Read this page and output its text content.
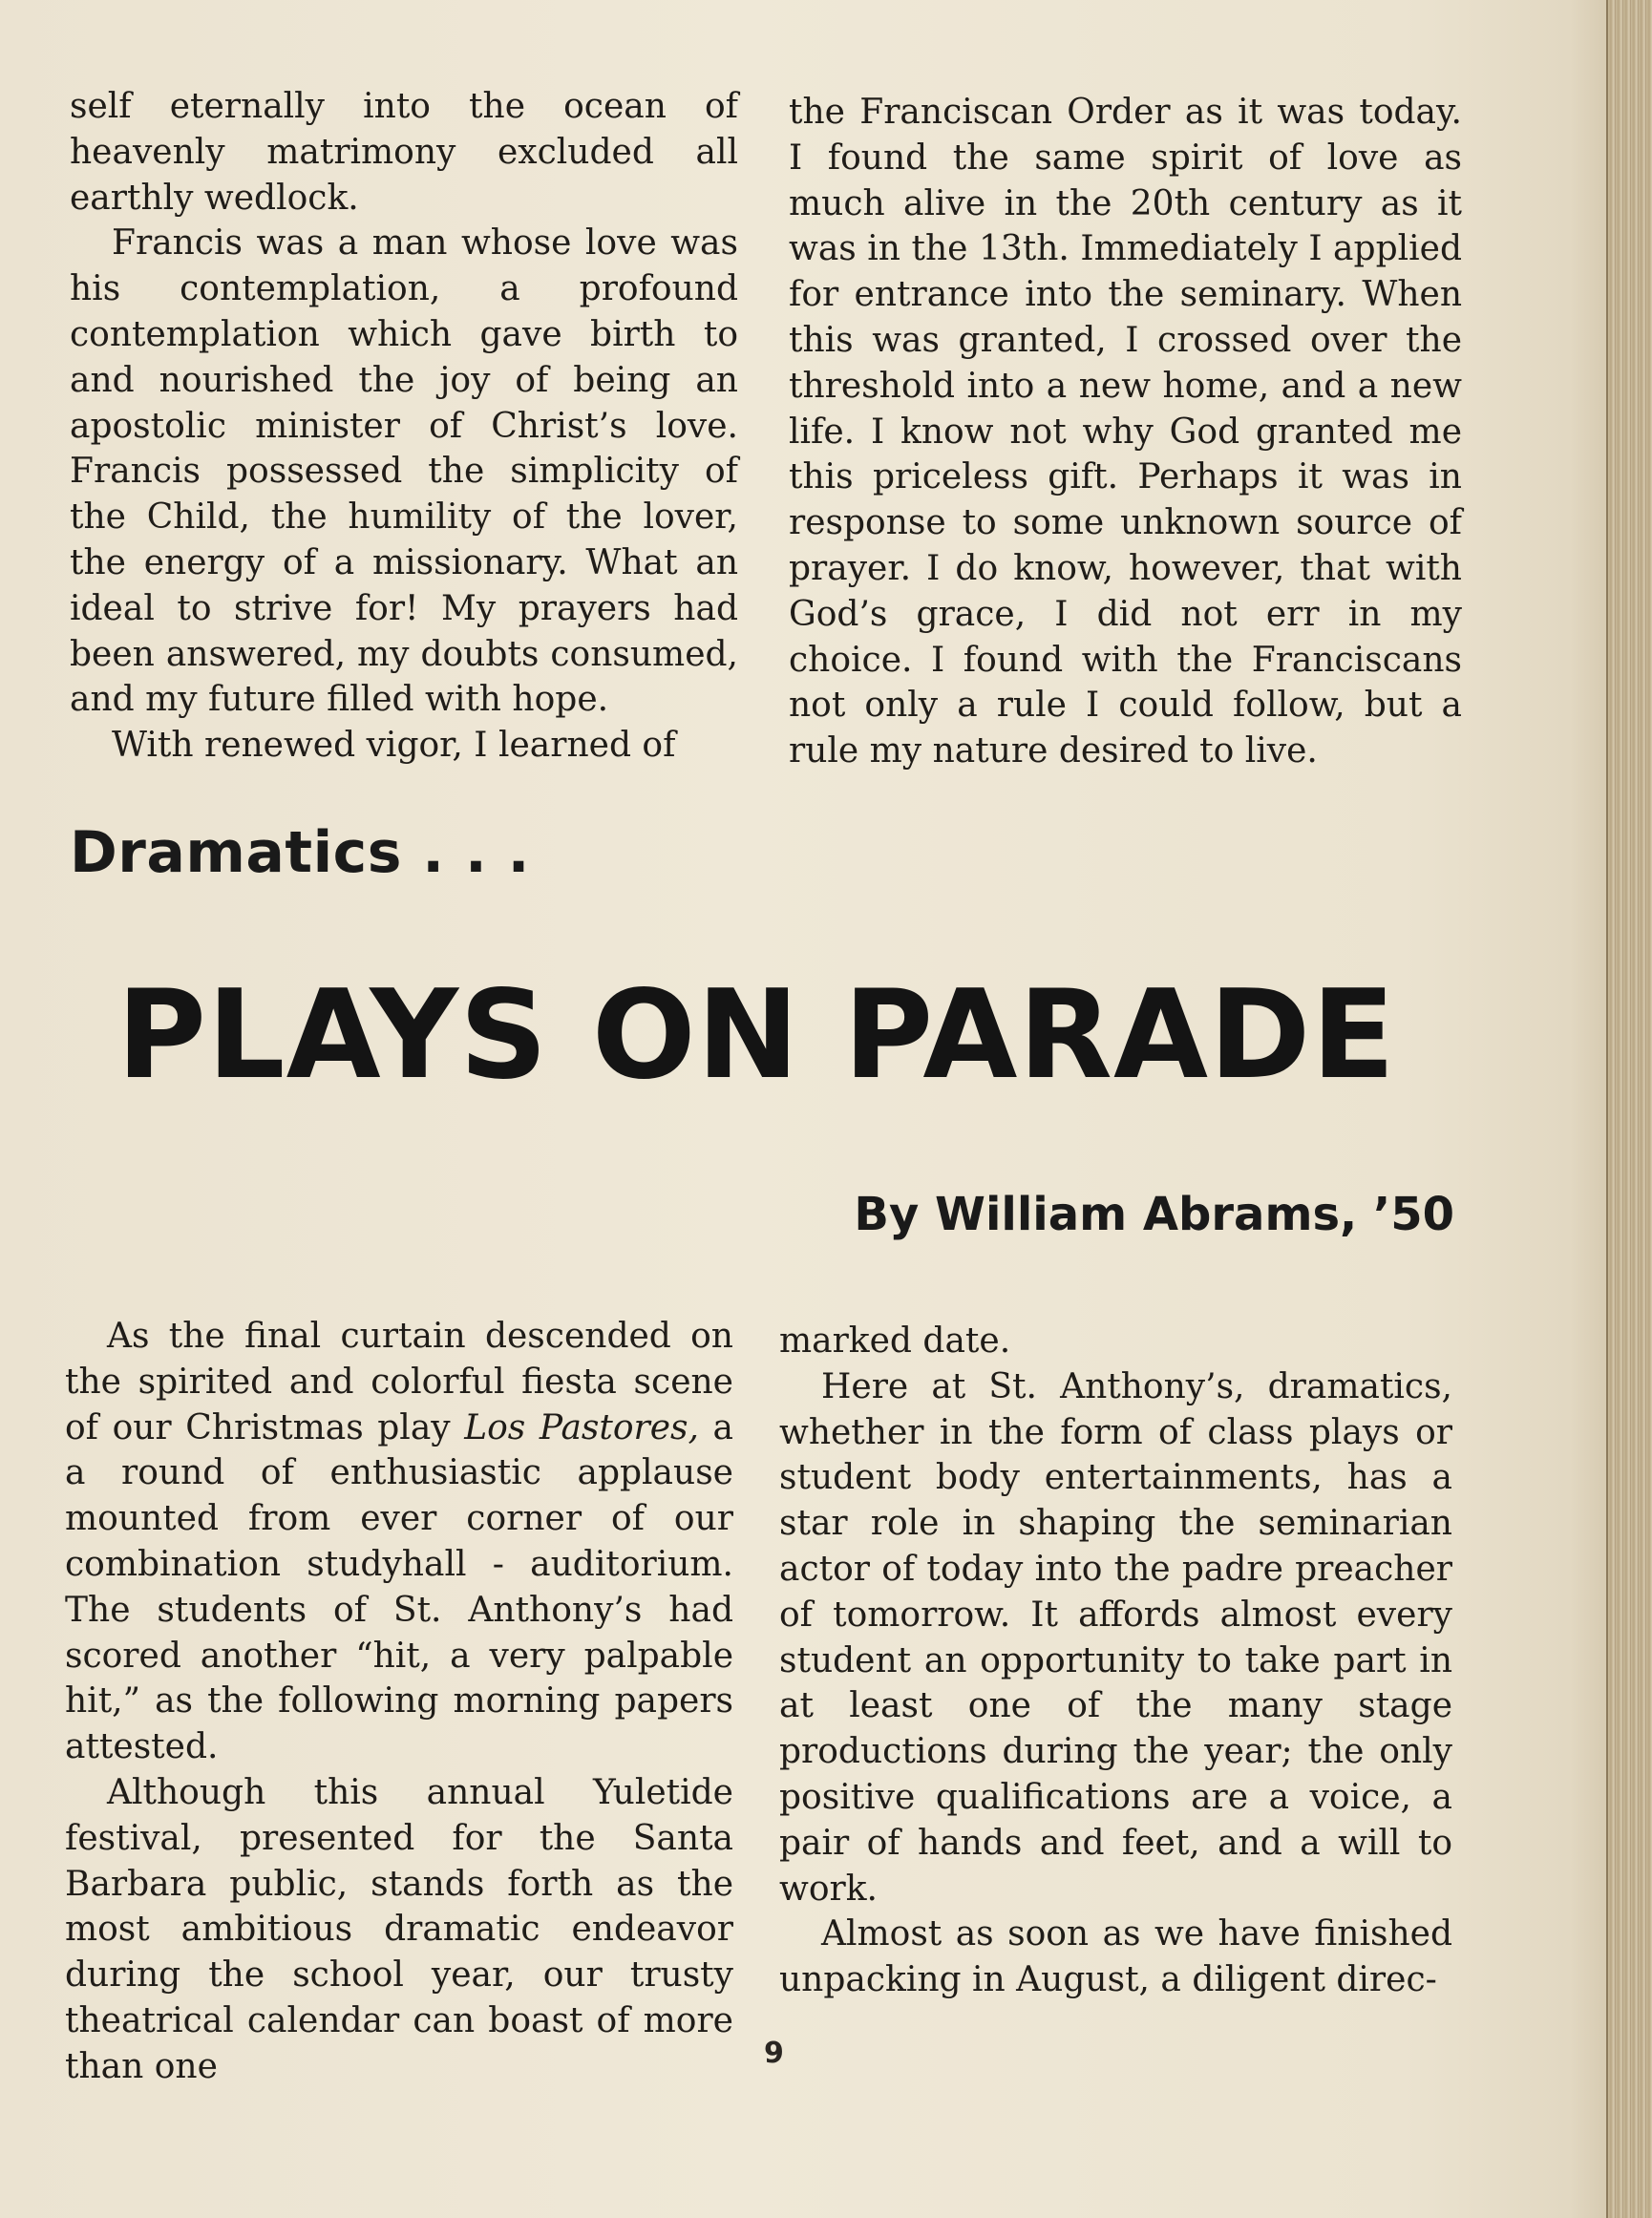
self eternally into the ocean of heavenly matrimony excluded all earthly wedlock.

Francis was a man whose love was his contemplation, a profound contemplation which gave birth to and nourished the joy of being an apostolic minister of Christ’s love. Francis possessed the simplicity of the Child, the humility of the lover, the energy of a missionary. What an ideal to strive for! My prayers had been answered, my doubts consumed, and my future filled with hope.

With renewed vigor, I learned of

the Franciscan Order as it was today. I found the same spirit of love as much alive in the 20th century as it was in the 13th. Immediately I applied for entrance into the seminary. When this was granted, I crossed over the threshold into a new home, and a new life. I know not why God granted me this priceless gift. Perhaps it was in response to some unknown source of prayer. I do know, however, that with God’s grace, I did not err in my choice. I found with the Franciscans not only a rule I could follow, but a rule my nature desired to live.

Dramatics . . .
PLAYS ON PARADE

By William Abrams, ’50

As the final curtain descended on the spirited and colorful fiesta scene of our Christmas play Los Pastores, a a round of enthusiastic applause mounted from ever corner of our combination studyhall - auditorium. The students of St. Anthony’s had scored another “hit, a very palpable hit,” as the following morning papers attested.

Although this annual Yuletide festival, presented for the Santa Barbara public, stands forth as the most ambitious dramatic endeavor during the school year, our trusty theatrical calendar can boast of more than one

marked date.

Here at St. Anthony’s, dramatics, whether in the form of class plays or student body entertainments, has a star role in shaping the seminarian actor of today into the padre preacher of tomorrow. It affords almost every student an opportunity to take part in at least one of the many stage productions during the year; the only positive qualifications are a voice, a pair of hands and feet, and a will to work.

Almost as soon as we have finished unpacking in August, a diligent direc-

9
